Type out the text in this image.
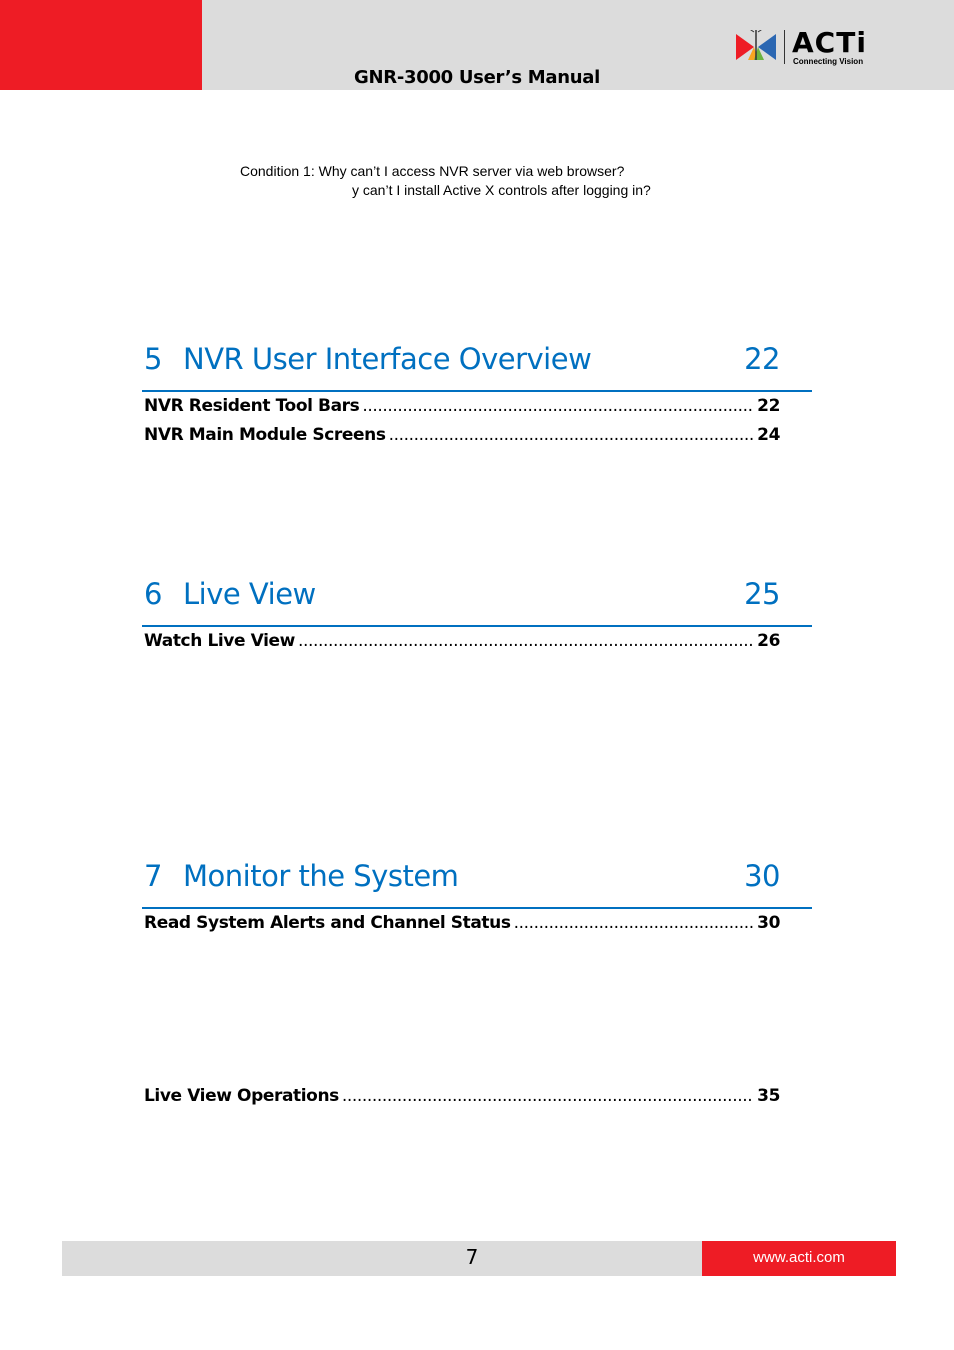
GNR-3000 User’s Manual
ACTi
Connecting Vision
Condition 1: Why can’t I access NVR server via web browser?
y can’t I install Active X controls after logging in?
5 NVR User Interface Overview	22
NVR Resident Tool Bars .....	22
NVR Main Module Screens .....	24
6 Live View	25
Watch Live View .....	26
7 Monitor the System	30
Read System Alerts and Channel Status .....	30
Live View Operations .....	35
7	www.acti.com
